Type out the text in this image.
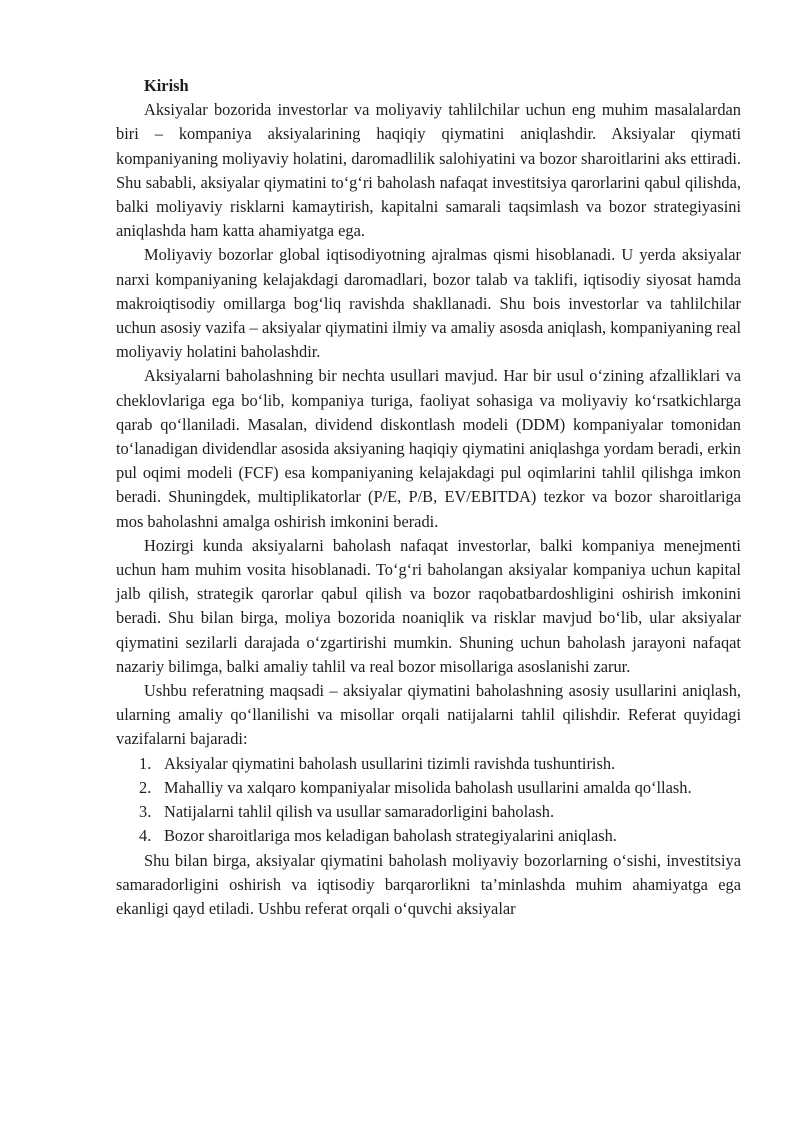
Kirish

Aksiyalar bozorida investorlar va moliyaviy tahlilchilar uchun eng muhim masalalardan biri – kompaniya aksiyalarining haqiqiy qiymatini aniqlashdir. Aksiyalar qiymati kompaniyaning moliyaviy holatini, daromadlilik salohiyatini va bozor sharoitlarini aks ettiradi. Shu sababli, aksiyalar qiymatini to‘g‘ri baholash nafaqat investitsiya qarorlarini qabul qilishda, balki moliyaviy risklarni kamaytirish, kapitalni samarali taqsimlash va bozor strategiyasini aniqlashda ham katta ahamiyatga ega.

Moliyaviy bozorlar global iqtisodiyotning ajralmas qismi hisoblanadi. U yerda aksiyalar narxi kompaniyaning kelajakdagi daromadlari, bozor talab va taklifi, iqtisodiy siyosat hamda makroiqtisodiy omillarga bog‘liq ravishda shakllanadi. Shu bois investorlar va tahlilchilar uchun asosiy vazifa – aksiyalar qiymatini ilmiy va amaliy asosda aniqlash, kompaniyaning real moliyaviy holatini baholashdir.

Aksiyalarni baholashning bir nechta usullari mavjud. Har bir usul o‘zining afzalliklari va cheklovlariga ega bo‘lib, kompaniya turiga, faoliyat sohasiga va moliyaviy ko‘rsatkichlarga qarab qo‘llaniladi. Masalan, dividend diskontlash modeli (DDM) kompaniyalar tomonidan to‘lanadigan dividendlar asosida aksiyaning haqiqiy qiymatini aniqlashga yordam beradi, erkin pul oqimi modeli (FCF) esa kompaniyaning kelajakdagi pul oqimlarini tahlil qilishga imkon beradi. Shuningdek, multiplikatorlar (P/E, P/B, EV/EBITDA) tezkor va bozor sharoitlariga mos baholashni amalga oshirish imkonini beradi.

Hozirgi kunda aksiyalarni baholash nafaqat investorlar, balki kompaniya menejmenti uchun ham muhim vosita hisoblanadi. To‘g‘ri baholangan aksiyalar kompaniya uchun kapital jalb qilish, strategik qarorlar qabul qilish va bozor raqobatbardoshligini oshirish imkonini beradi. Shu bilan birga, moliya bozorida noaniqlik va risklar mavjud bo‘lib, ular aksiyalar qiymatini sezilarli darajada o‘zgartirishi mumkin. Shuning uchun baholash jarayoni nafaqat nazariy bilimga, balki amaliy tahlil va real bozor misollariga asoslanishi zarur.

Ushbu referatning maqsadi – aksiyalar qiymatini baholashning asosiy usullarini aniqlash, ularning amaliy qo‘llanilishi va misollar orqali natijalarni tahlil qilishdir. Referat quyidagi vazifalarni bajaradi:

1. Aksiyalar qiymatini baholash usullarini tizimli ravishda tushuntirish.
2. Mahalliy va xalqaro kompaniyalar misolida baholash usullarini amalda qo‘llash.
3. Natijalarni tahlil qilish va usullar samaradorligini baholash.
4. Bozor sharoitlariga mos keladigan baholash strategiyalarini aniqlash.

Shu bilan birga, aksiyalar qiymatini baholash moliyaviy bozorlarning o‘sishi, investitsiya samaradorligini oshirish va iqtisodiy barqarorlikni ta’minlashda muhim ahamiyatga ega ekanligi qayd etiladi. Ushbu referat orqali o‘quvchi aksiyalar
